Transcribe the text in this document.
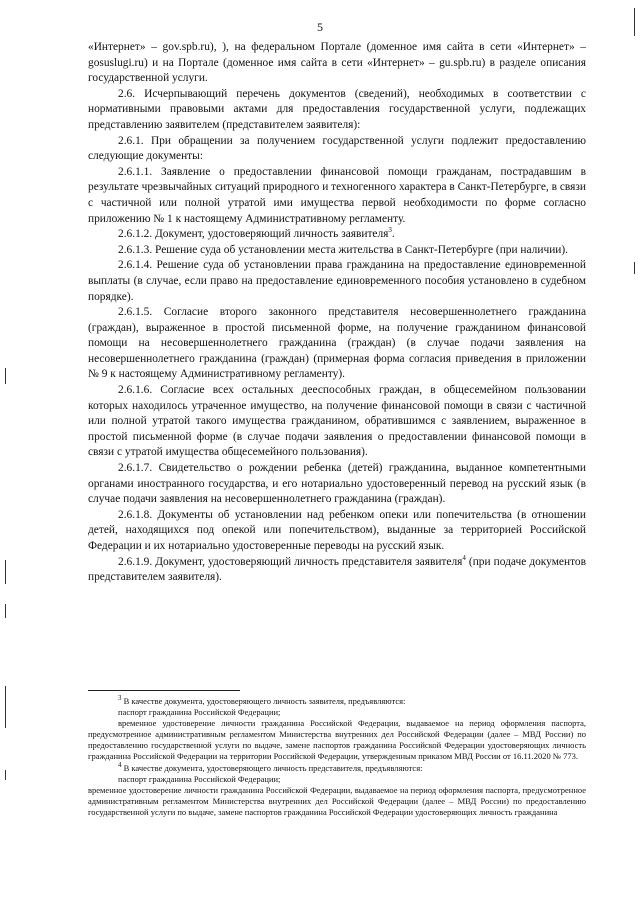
5

«Интернет» – gov.spb.ru), ), на федеральном Портале (доменное имя сайта в сети «Интернет» – gosuslugi.ru) и на Портале (доменное имя сайта в сети «Интернет» – gu.spb.ru) в разделе описания государственной услуги.

2.6. Исчерпывающий перечень документов (сведений), необходимых в соответствии с нормативными правовыми актами для предоставления государственной услуги, подлежащих представлению заявителем (представителем заявителя):

2.6.1. При обращении за получением государственной услуги подлежит предоставлению следующие документы:

2.6.1.1. Заявление о предоставлении финансовой помощи гражданам, пострадавшим в результате чрезвычайных ситуаций природного и техногенного характера в Санкт-Петербурге, в связи с частичной или полной утратой ими имущества первой необходимости по форме согласно приложению № 1 к настоящему Административному регламенту.

2.6.1.2. Документ, удостоверяющий личность заявителя$^3$.

2.6.1.3. Решение суда об установлении места жительства в Санкт-Петербурге (при наличии).

2.6.1.4. Решение суда об установлении права гражданина на предоставление единовременной выплаты (в случае, если право на предоставление единовременного пособия установлено в судебном порядке).

2.6.1.5. Согласие второго законного представителя несовершеннолетнего гражданина (граждан), выраженное в простой письменной форме, на получение гражданином финансовой помощи на несовершеннолетнего гражданина (граждан) (в случае подачи заявления на несовершеннолетнего гражданина (граждан) (примерная форма согласия приведения в приложении № 9 к настоящему Административному регламенту).

2.6.1.6. Согласие всех остальных дееспособных граждан, в общесемейном пользовании которых находилось утраченное имущество, на получение финансовой помощи в связи с частичной или полной утратой такого имущества гражданином, обратившимся с заявлением, выраженное в простой письменной форме (в случае подачи заявления о предоставлении финансовой помощи в связи с утратой имущества общесемейного пользования).

2.6.1.7. Свидетельство о рождении ребенка (детей) гражданина, выданное компетентными органами иностранного государства, и его нотариально удостоверенный перевод на русский язык (в случае подачи заявления на несовершеннолетнего гражданина (граждан).

2.6.1.8. Документы об установлении над ребенком опеки или попечительства (в отношении детей, находящихся под опекой или попечительством), выданные за территорией Российской Федерации и их нотариально удостоверенные переводы на русский язык.

2.6.1.9. Документ, удостоверяющий личность представителя заявителя$^4$ (при подаче документов представителем заявителя).

$^3$ В качестве документа, удостоверяющего личность заявителя, предъявляются:

паспорт гражданина Российской Федерации;

временное удостоверение личности гражданина Российской Федерации, выдаваемое на период оформления паспорта, предусмотренное административным регламентом Министерства внутренних дел Российской Федерации (далее – МВД России) по предоставлению государственной услуги по выдаче, замене паспортов гражданина Российской Федерации удостоверяющих личность гражданина Российской Федерации на территории Российской Федерации, утвержденным приказом МВД России от 16.11.2020 № 773.

$^4$ В качестве документа, удостоверяющего личность представителя, предъявляются:

паспорт гражданина Российской Федерации;

временное удостоверение личности гражданина Российской Федерации, выдаваемое на период оформления паспорта, предусмотренное административным регламентом Министерства внутренних дел Российской Федерации (далее – МВД России) по предоставлению государственной услуги по выдаче, замене паспортов гражданина Российской Федерации удостоверяющих личность гражданина
